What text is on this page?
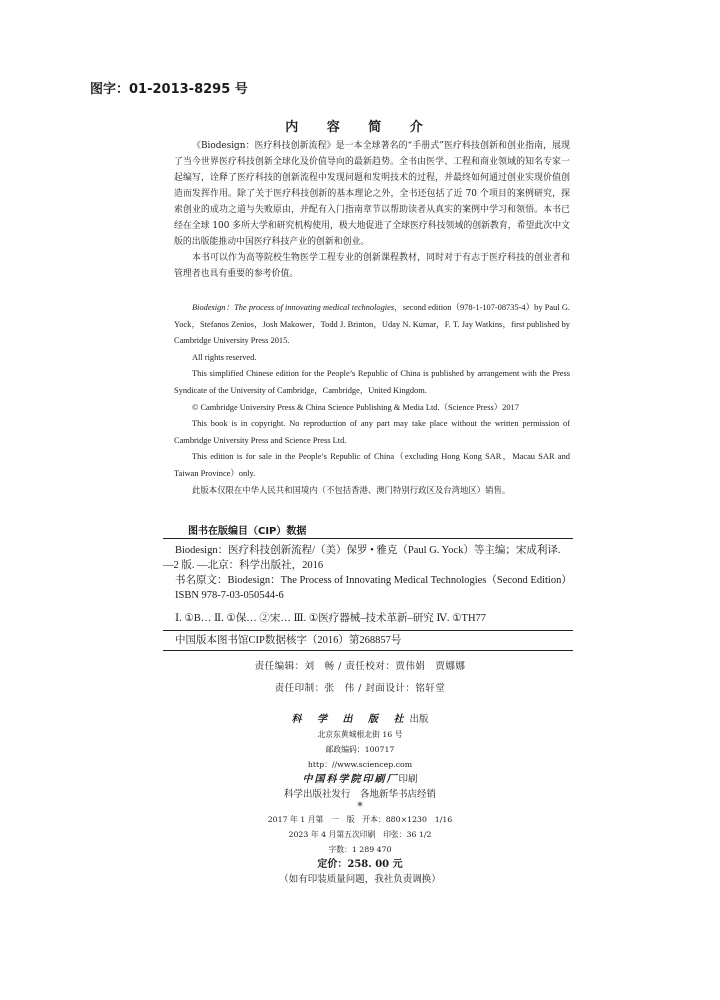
图字：01-2013-8295 号
内 容 简 介

《Biodesign：医疗科技创新流程》是一本全球著名的“手册式”医疗科技创新和创业指南，展现了当今世界医疗科技创新全球化及价值导向的最新趋势。全书由医学、工程和商业领域的知名专家一起编写，诠释了医疗科技的创新流程中发现问题和发明技术的过程，并最终如何通过创业实现价值创造而发挥作用。除了关于医疗科技创新的基本理论之外，全书还包括了近 70 个项目的案例研究，探索创业的成功之道与失败原由，并配有入门指南章节以帮助读者从真实的案例中学习和领悟。本书已经在全球 100 多所大学和研究机构使用，极大地促进了全球医疗科技领域的创新教育，希望此次中文版的出版能推动中国医疗科技产业的创新和创业。

本书可以作为高等院校生物医学工程专业的创新课程教材，同时对于有志于医疗科技的创业者和管理者也具有重要的参考价值。

Biodesign：The process of innovating medical technologies，second edition（978-1-107-08735-4）by Paul G. Yock，Stefanos Zenios，Josh Makower，Todd J. Brinton，Uday N. Kumar，F. T. Jay Watkins，first published by Cambridge University Press 2015.

All rights reserved.

This simplified Chinese edition for the People’s Republic of China is published by arrangement with the Press Syndicate of the University of Cambridge，Cambridge，United Kingdom.

© Cambridge University Press & China Science Publishing & Media Ltd.（Science Press）2017

This book is in copyright. No reproduction of any part may take place without the written permission of Cambridge University Press and Science Press Ltd.

This edition is for sale in the People’s Republic of China（excluding Hong Kong SAR，Macau SAR and Taiwan Province）only.

此版本仅限在中华人民共和国境内（不包括香港、澳门特别行政区及台湾地区）销售。

图书在版编目（CIP）数据
Biodesign：医疗科技创新流程/（美）保罗 • 雅克（Paul G. Yock）等主编；宋成利译.
—2 版. —北京：科学出版社，2016
书名原文：Biodesign：The Process of Innovating Medical Technologies（Second Edition）
ISBN 978-7-03-050544-6
Ⅰ. ①B… Ⅱ. ①保… ②宋… Ⅲ. ①医疗器械–技术革新–研究 Ⅳ. ①TH77
中国版本图书馆CIP数据核字（2016）第268857号
责任编辑：刘　畅 / 责任校对：贾伟娟　贾娜娜
责任印制：张　伟 / 封面设计：铭轩堂
科 学 出 版 社出版
北京东黄城根北街 16 号
邮政编码：100717
http：//www.sciencep.com
中国科学院印刷厂印刷
科学出版社发行　各地新华书店经销
*
2017 年 1 月第　一　版　开本：880×1230　1/16
2023 年 4 月第五次印刷　印张：36 1/2
字数：1 289 470
定价：258. 00 元
（如有印装质量问题，我社负责调换）
